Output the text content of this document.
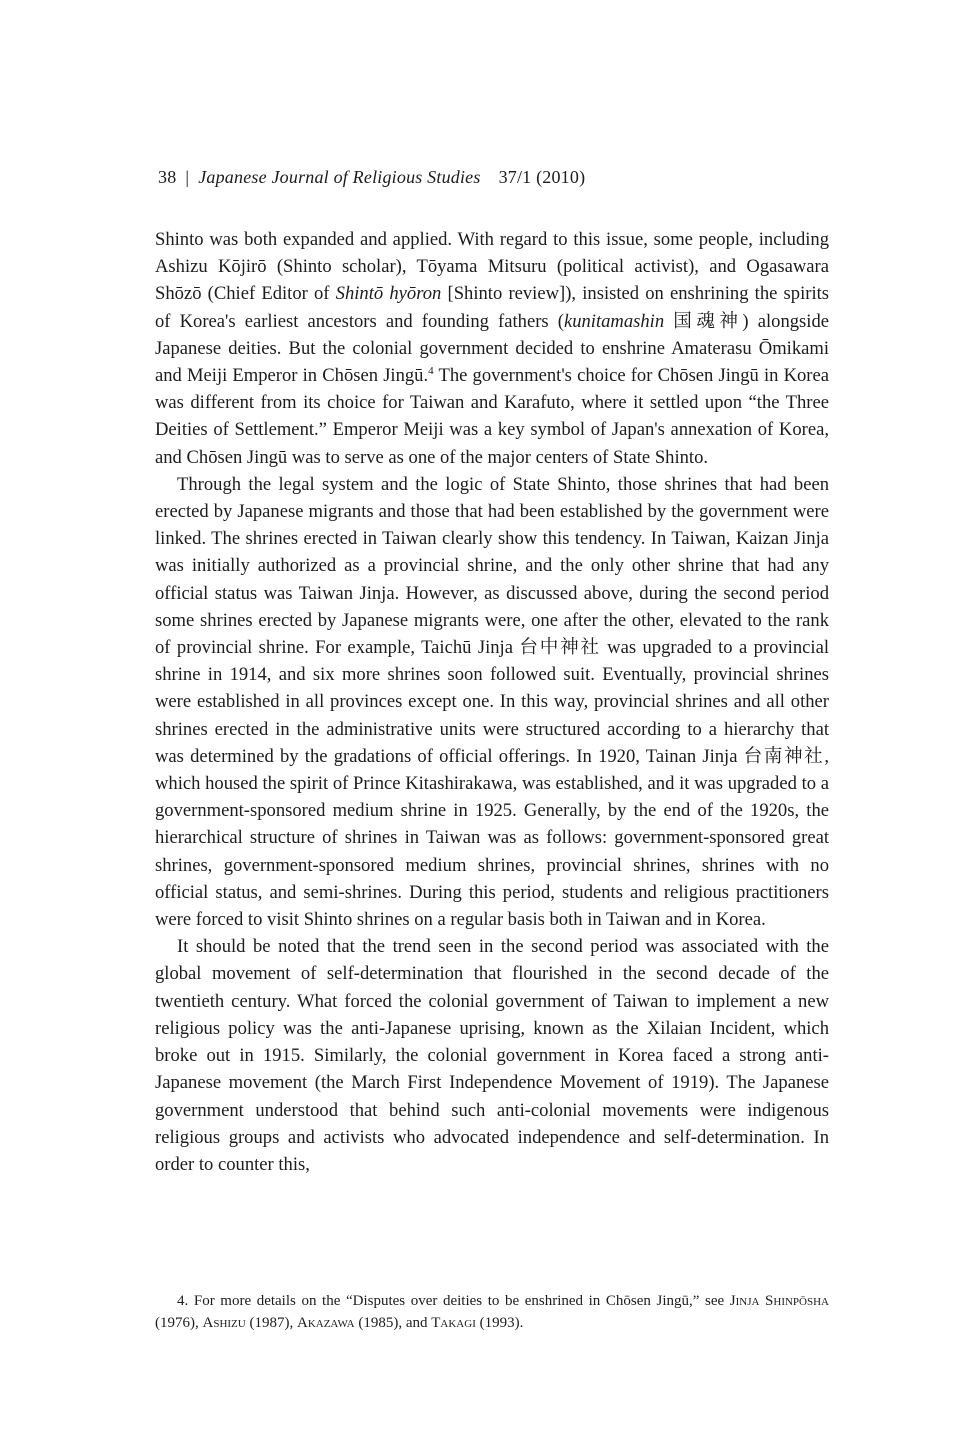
38 | Japanese Journal of Religious Studies 37/1 (2010)

Shinto was both expanded and applied. With regard to this issue, some people, including Ashizu Kōjirō (Shinto scholar), Tōyama Mitsuru (political activist), and Ogasawara Shōzō (Chief Editor of Shintō hyōron [Shinto review]), insisted on enshrining the spirits of Korea's earliest ancestors and founding fathers (kunitamashin 国魂神) alongside Japanese deities. But the colonial government decided to enshrine Amaterasu Ōmikami and Meiji Emperor in Chōsen Jingū.$^4$ The government's choice for Chōsen Jingū in Korea was different from its choice for Taiwan and Karafuto, where it settled upon “the Three Deities of Settlement.” Emperor Meiji was a key symbol of Japan's annexation of Korea, and Chōsen Jingū was to serve as one of the major centers of State Shinto.

Through the legal system and the logic of State Shinto, those shrines that had been erected by Japanese migrants and those that had been established by the government were linked. The shrines erected in Taiwan clearly show this tendency. In Taiwan, Kaizan Jinja was initially authorized as a provincial shrine, and the only other shrine that had any official status was Taiwan Jinja. However, as discussed above, during the second period some shrines erected by Japanese migrants were, one after the other, elevated to the rank of provincial shrine. For example, Taichū Jinja 台中神社 was upgraded to a provincial shrine in 1914, and six more shrines soon followed suit. Eventually, provincial shrines were established in all provinces except one. In this way, provincial shrines and all other shrines erected in the administrative units were structured according to a hierarchy that was determined by the gradations of official offerings. In 1920, Tainan Jinja 台南神社, which housed the spirit of Prince Kitashirakawa, was established, and it was upgraded to a government-sponsored medium shrine in 1925. Generally, by the end of the 1920s, the hierarchical structure of shrines in Taiwan was as follows: government-sponsored great shrines, government-sponsored medium shrines, provincial shrines, shrines with no official status, and semi-shrines. During this period, students and religious practitioners were forced to visit Shinto shrines on a regular basis both in Taiwan and in Korea.

It should be noted that the trend seen in the second period was associated with the global movement of self-determination that flourished in the second decade of the twentieth century. What forced the colonial government of Taiwan to implement a new religious policy was the anti-Japanese uprising, known as the Xilaian Incident, which broke out in 1915. Similarly, the colonial government in Korea faced a strong anti-Japanese movement (the March First Independence Movement of 1919). The Japanese government understood that behind such anti-colonial movements were indigenous religious groups and activists who advocated independence and self-determination. In order to counter this,

4. For more details on the “Disputes over deities to be enshrined in Chōsen Jingū,” see Jinja Shinpōsha (1976), Ashizu (1987), Akazawa (1985), and Takagi (1993).
